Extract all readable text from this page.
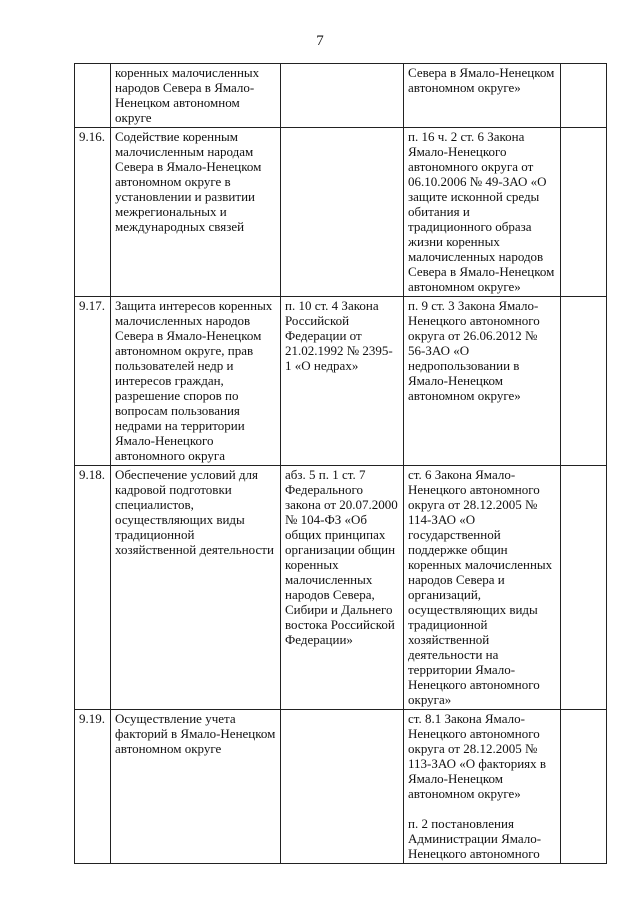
7
	коренных малочисленных народов Севера в Ямало-Ненецком автономном округе		Севера в Ямало-Ненецком автономном округе»	
9.16.	Содействие коренным малочисленным народам Севера в Ямало-Ненецком автономном округе в установлении и развитии межрегиональных и международных связей		п. 16 ч. 2 ст. 6 Закона Ямало-Ненецкого автономного округа от 06.10.2006 № 49-ЗАО «О защите исконной среды обитания и традиционного образа жизни коренных малочисленных народов Севера в Ямало-Ненецком автономном округе»	
9.17.	Защита интересов коренных малочисленных народов Севера в Ямало-Ненецком автономном округе, прав пользователей недр и интересов граждан, разрешение споров по вопросам пользования недрами на территории Ямало-Ненецкого автономного округа	п. 10 ст. 4 Закона Российской Федерации от 21.02.1992 № 2395-1 «О недрах»	п. 9 ст. 3 Закона Ямало-Ненецкого автономного округа от 26.06.2012 № 56-ЗАО «О недропользовании в Ямало-Ненецком автономном округе»	
9.18.	Обеспечение условий для кадровой подготовки специалистов, осуществляющих виды традиционной хозяйственной деятельности	абз. 5 п. 1 ст. 7 Федерального закона от 20.07.2000 № 104-ФЗ «Об общих принципах организации общин коренных малочисленных народов Севера, Сибири и Дальнего востока Российской Федерации»	ст. 6 Закона Ямало-Ненецкого автономного округа от 28.12.2005 № 114-ЗАО «О государственной поддержке общин коренных малочисленных народов Севера и организаций, осуществляющих виды традиционной хозяйственной деятельности на территории Ямало-Ненецкого автономного округа»	
9.19.	Осуществление учета факторий в Ямало-Ненецком автономном округе		ст. 8.1 Закона Ямало-Ненецкого автономного округа от 28.12.2005 № 113-ЗАО «О факториях в Ямало-Ненецком автономном округе»

п. 2 постановления Администрации Ямало-Ненецкого автономного	
